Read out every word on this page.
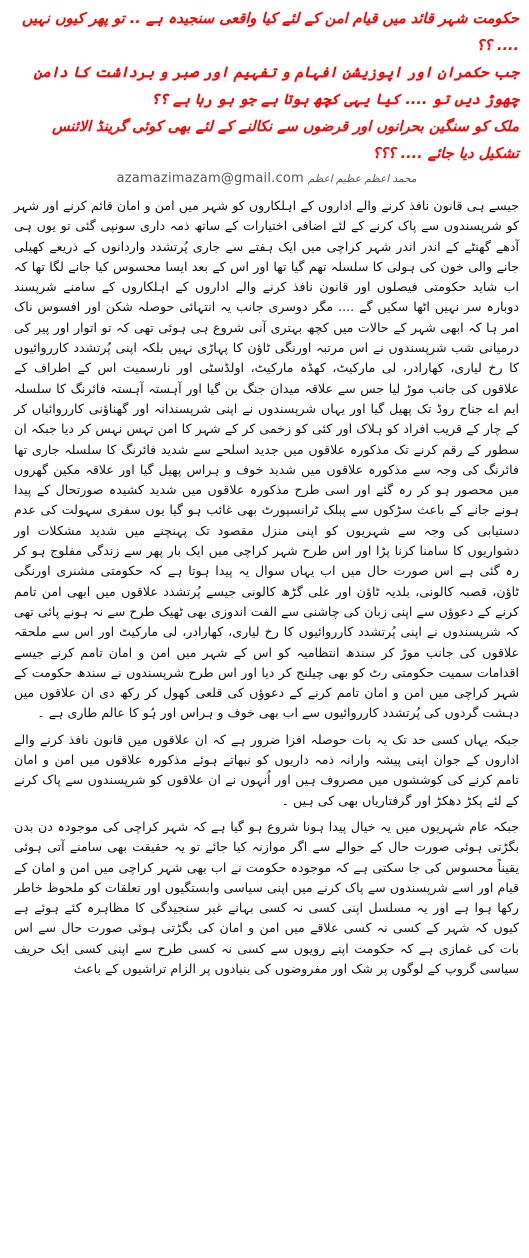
حکومت شہر قائد میں قیام امن کے لئے کیا واقعی سنجیدہ ہے .. تو پھر کیوں نہیں .... ؟؟

جب حکمران اور اپوزیشن افہام و تفہیم اور صبر و برداشت کا دامن چھوڑ دیں تو .... کیا یہی کچھ ہوتا ہے جو ہو رہا ہے ؟؟

ملک کو سنگین بحرانوں اور قرضوں سے نکالنے کے لئے بھی کوئی گرینڈ الائنس تشکیل دیا جائے .... ؟؟؟

azamazimazam@gmail.com محمد اعظم عظیم اعظم

جیسے ہی قانون نافذ کرنے والے اداروں کے اہلکاروں کو شہر میں امن و امان قائم کرنے اور شہر کو شرپسندوں سے پاک کرنے کے لئے اضافی اختیارات کے ساتھ ذمہ داری سونپی گئی تو یوں ہی آدھے گھنٹے کے اندر اندر شہر کراچی میں ایک ہفتے سے جاری پُرتشدد واردانوں کے ذریعے کھیلی جانے والی خون کی ہولی کا سلسلہ تھم گیا تھا اور اس کے بعد ایسا محسوس کیا جانے لگا تھا کہ اب شاید حکومتی فیصلوں اور قانون نافذ کرنے والے اداروں کے اہلکاروں کے سامنے شرپسند دوبارہ سر نہیں اٹھا سکیں گے .... مگر دوسری جانب یہ انتہائی حوصلہ شکن اور افسوس ناک امر ہا کہ ابھی شہر کے حالات میں کچھ بہتری آنی شروع ہی ہوئی تھی کہ تو اتوار اور پیر کی درمیانی شب شرپسندوں نے اس مرتبہ اورنگی ٹاؤن کا پہاڑی نہیں بلکہ اپنی پُرتشدد کارروائیوں کا رخ لیاری، کھارادر، لی مارکیٹ، کھڈہ مارکیٹ، اولڈسٹی اور نارسمیت اس کے اطراف کے علاقوں کی جانب موڑ لیا جس سے علاقہ میدان جنگ بن گیا اور آہستہ آہستہ فائرنگ کا سلسلہ ایم اے جناح روڈ تک پھیل گیا اور یہاں شرپسندوں نے اپنی شرپسندانہ اور گھناؤنی کارروائیاں کر کے چار کے قریب افراد کو ہلاک اور کئی کو زخمی کر کے شہر کا امن تہس نہس کر دیا جبکہ ان سطور کے رقم کرنے تک مذکورہ علاقوں میں جدید اسلحے سے شدید فائرنگ کا سلسلہ جاری تھا فائرنگ کی وجہ سے مذکورہ علاقوں میں شدید خوف و ہراس پھیل گیا اور علاقہ مکین گھروں میں محصور ہو کر رہ گئے اور اسی طرح مذکورہ علاقوں میں شدید کشیدہ صورتحال کے پیدا ہونے جانے کے باعث سڑکوں سے پبلک ٹرانسپورٹ بھی غائب ہو گیا یوں سفری سہولت کی عدم دستیابی کی وجہ سے شہریوں کو اپنی منزل مقصود تک پہنچنے میں شدید مشکلات اور دشواریوں کا سامنا کرنا پڑا اور اس طرح شہر کراچی میں ایک بار پھر سے زندگی مفلوج ہو کر رہ گئی ہے اس صورت حال میں اب یہاں سوال یہ پیدا ہوتا ہے کہ حکومتی مشنری اورنگی ٹاؤن، قصبہ کالونی، بلدیہ ٹاؤن اور علی گڑھ کالونی جیسے پُرتشدد علاقوں میں ابھی امن تامم کرنے کے دعوؤں سے اپنی زبان کی چاشنی سے الفت اندوزی بھی ٹھیک طرح سے نہ ہونے پائی تھی کہ شرپسندوں نے اپنی پُرتشدد کارروائیوں کا رخ لیاری، کھارادر، لی مارکیٹ اور اس سے ملحقہ علاقوں کی جانب موڑ کر سندھ انتظامیہ کو اس کے شہر میں امن و امان تامم کرنے جیسے اقدامات سمیت حکومتی رٹ کو بھی چیلنج کر دیا اور اس طرح شرپسندوں نے سندھ حکومت کے شہر کراچی میں امن و امان تامم کرنے کے دعوؤں کی قلعی کھول کر رکھ دی ان علاقوں میں دہشت گردوں کی پُرتشدد کارروائیوں سے اب بھی خوف و ہراس اور ہُو کا عالم طاری ہے ۔

جبکہ یہاں کسی حد تک یہ بات حوصلہ افزا ضرور ہے کہ ان علاقوں میں قانون نافذ کرنے والے اداروں کے جوان اپنی پیشہ وارانہ ذمہ داریوں کو نبھاتے ہوئے مذکورہ علاقوں میں امن و امان تامم کرنے کی کوششوں میں مصروف ہیں اور اُنہوں نے ان علاقوں کو شرپسندوں سے پاک کرنے کے لئے پکڑ دھکڑ اور گرفتاریاں بھی کی ہیں ۔

جبکہ عام شہریوں میں یہ خیال پیدا ہونا شروع ہو گیا ہے کہ شہر کراچی کی موجودہ دن بدن بگڑتی ہوئی صورت حال کے حوالے سے اگر موازنہ کیا جائے تو یہ حقیقت بھی سامنے آتی ہوئی یقیناً محسوس کی جا سکتی ہے کہ موجودہ حکومت نے اب بھی شہر کراچی میں امن و امان کے قیام اور اسے شرپسندوں سے پاک کرنے میں اپنی سیاسی وابستگیوں اور تعلقات کو ملحوظ خاطر رکھا ہوا ہے اور یہ مسلسل اپنی کسی نہ کسی بہانے غیر سنجیدگی کا مظاہرہ کئے ہوئے ہے کیوں کہ شہر کے کسی نہ کسی علاقے میں امن و امان کی بگڑتی ہوئی صورت حال سے اس بات کی غمازی ہے کہ حکومت اپنے رویوں سے کسی نہ کسی طرح سے اپنی کسی ایک حریف سیاسی گروپ کے لوگوں پر شک اور مفروضوں کی بنیادوں پر الزام تراشیوں کے باعث
